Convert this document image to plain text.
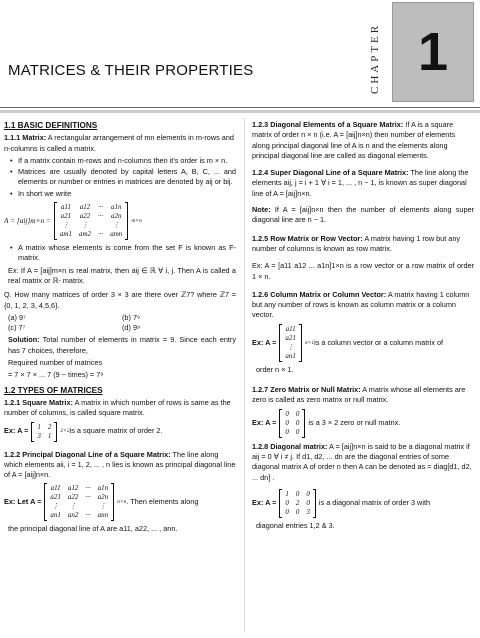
CHAPTER 1
MATRICES & THEIR PROPERTIES
1.1 BASIC DEFINITIONS

1.1.1 Matrix: A rectangular arrangement of mn elements in m-rows and n-columns is called a matrix.

• If a matrix contain m-rows and n-columns then it's order is m × n.
• Matrices are usually denoted by capital letters A, B, C, ... and elements or number or entries in matrices are denoted by aij or bij.
• In short we write
A = [aij]m×n =
a11 a12 ··· a1n
a21 a22 ··· a2n
⋮	⋮	⋮
am1 am2 ··· amn
m×n
• A matrix whose elements is come from the set F is known as F-matrix.

Ex: If A = [aij]m×n is real matrix, then aij ∈ ℝ ∀ i, j. Then A is called a real matrix or ℝ- matrix.

Q. How many matrices of order 3 × 3 are there over ℤ7? where ℤ7 = {0, 1, 2, 3, 4,5,6}.

(a) 9⁷	(b) 7⁹
(c) 7⁷	(d) 9⁹

Solution: Total number of elements in matrix = 9. Since each entry has 7 choices, therefore,

Required number of matrices

= 7 × 7 × ... 7 (9 − times) = 7⁹

1.2 TYPES OF MATRICES

1.2.1 Square Matrix: A matrix in which number of rows is same as the number of columns, is called square matrix.

Ex: A = 1 2
3 1
2×2 is a square matrix of order 2.

1.2.2 Principal Diagonal Line of a Square Matrix: The line along which elements aii, i = 1, 2, ... , n lies is known as principal diagonal line of A = [aij]n×n.

Ex: Let A =
a11 a12 ··· a1n
a21 a22 ··· a2n
⋮ ⋮	⋮
an1 an2 ··· ann
n×n . Then elements along

the principal diagonal line of A are a11, a22, ... , ann.

1.2.3 Diagonal Elements of a Square Matrix: If A is a square matrix of order n × n (i.e. A = [aij]n×n) then number of elements along principal diagonal line of A is n and the elements along principal diagonal line are called as diagonal elements.

1.2.4 Super Diagonal Line of a Square Matrix: The line along the elements aij, j = i + 1 ∀ i = 1, ... , n − 1, is known as super diagonal line of A = [aij]n×n.

Note: If A = [aij]n×n then the number of elements along super diagonal line are n − 1.

1.2.5 Row Matrix or Row Vector: A matrix having 1 row but any number of columns is known as row matrix.

Ex: A = [a11 a12 ... a1n]1×n is a row vector or a row matrix of order 1 × n.

1.2.6 Column Matrix or Column Vector: A matrix having 1 column but any number of rows is known as column matrix or a column vector.

Ex: A =
a11
a21
⋮
an1
n×1 is a column vector or a column matrix of

order n × 1.

1.2.7 Zero Matrix or Null Matrix: A matrix whose all elements are zero is called as zero matrix or null matrix.

Ex: A =
0 0
0 0
0 0
is a 3 × 2 zero or null matrix.

1.2.8 Diagonal matrix: A = [aij]n×n is said to be a diagonal matrix if aij = 0 ∀ i ≠ j. If d1, d2, ... dn are the diagonal entries of some diagonal matrix A of order n then A can be denoted as = diag[d1, d2, ... dn] .

Ex: A =
1 0 0
0 2 0
0 0 3
is a diagonal matrix of order 3 with

diagonal entries 1,2 & 3.
